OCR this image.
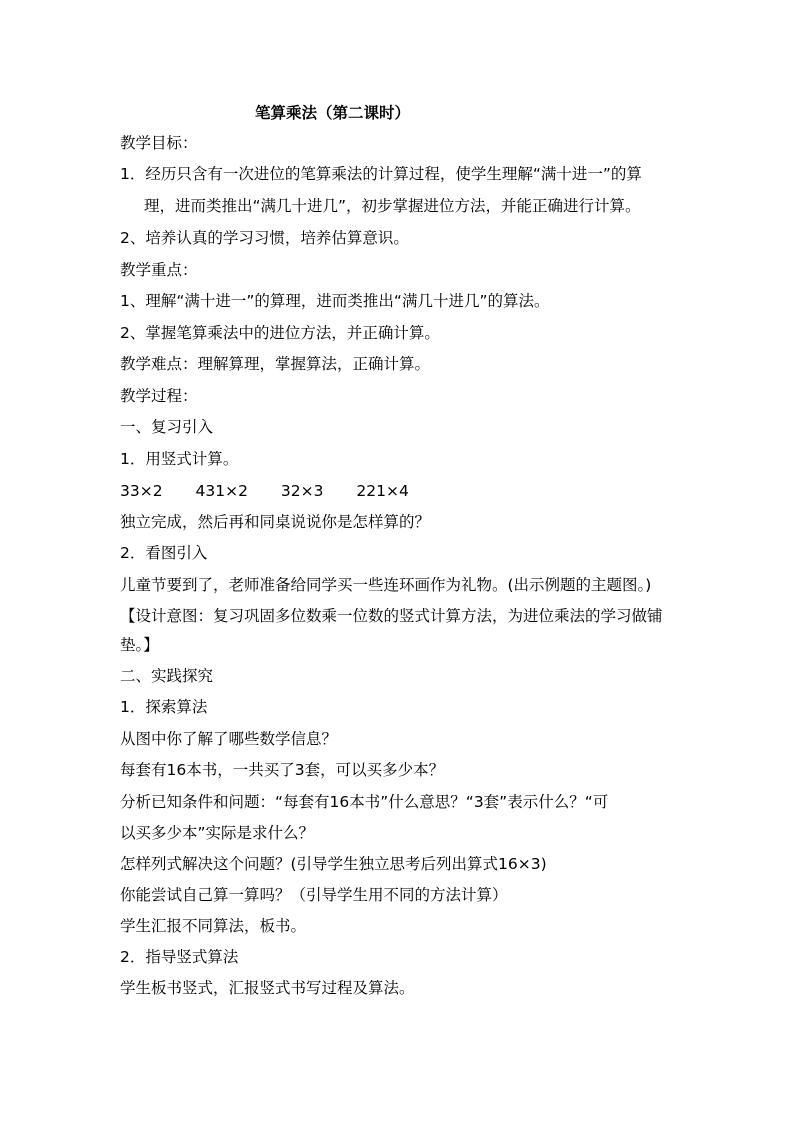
笔算乘法（第二课时）
教学目标：
1．经历只含有一次进位的笔算乘法的计算过程，使学生理解“满十进一”的算
理，进而类推出“满几十进几”，初步掌握进位方法，并能正确进行计算。
2、培养认真的学习习惯，培养估算意识。
教学重点：
1、理解“满十进一”的算理，进而类推出“满几十进几”的算法。
2、掌握笔算乘法中的进位方法，并正确计算。
教学难点：理解算理，掌握算法，正确计算。
教学过程：
一、复习引入
1．用竖式计算。
33×2 431×2 32×3 221×4
独立完成，然后再和同桌说说你是怎样算的？
2．看图引入
儿童节要到了，老师准备给同学买一些连环画作为礼物。(出示例题的主题图。)
【设计意图：复习巩固多位数乘一位数的竖式计算方法，为进位乘法的学习做铺
垫。】
二、实践探究
1．探索算法
从图中你了解了哪些数学信息？
每套有16本书，一共买了3套，可以买多少本？
分析已知条件和问题：“每套有16本书”什么意思？“3套”表示什么？“可
以买多少本”实际是求什么？
怎样列式解决这个问题？(引导学生独立思考后列出算式16×3)
你能尝试自己算一算吗？（引导学生用不同的方法计算）
学生汇报不同算法，板书。
2．指导竖式算法
学生板书竖式，汇报竖式书写过程及算法。
